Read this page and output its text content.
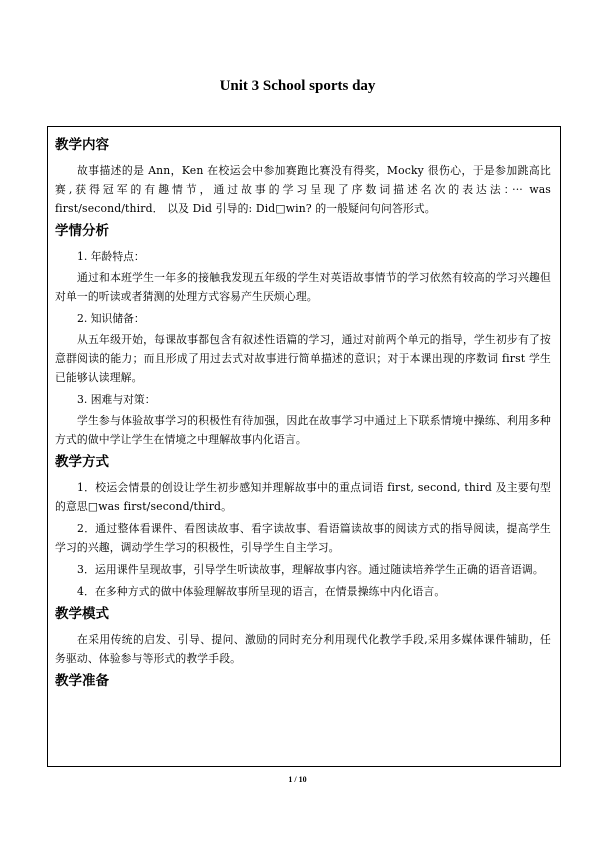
Unit 3 School sports day
教学内容
故事描述的是 Ann，Ken 在校运会中参加赛跑比赛没有得奖，Mocky 很伤心，于是参加跳高比赛,获得冠军的有趣情节，通过故事的学习呈现了序数词描述名次的表达法：··· was first/second/third． 以及 Did 引导的: Did□win? 的一般疑问句问答形式。
学情分析
1. 年龄特点：
通过和本班学生一年多的接触我发现五年级的学生对英语故事情节的学习依然有较高的学习兴趣但对单一的听读或者猜测的处理方式容易产生厌烦心理。
2. 知识储备：
从五年级开始，每课故事都包含有叙述性语篇的学习，通过对前两个单元的指导，学生初步有了按意群阅读的能力；而且形成了用过去式对故事进行简单描述的意识；对于本课出现的序数词 first 学生已能够认读理解。
3. 困难与对策：
学生参与体验故事学习的积极性有待加强，因此在故事学习中通过上下联系情境中操练、利用多种方式的做中学让学生在情境之中理解故事内化语言。
教学方式
1．校运会情景的创设让学生初步感知并理解故事中的重点词语 first, second, third 及主要句型的意思□was first/second/third。
2．通过整体看课件、看图读故事、看字读故事、看语篇读故事的阅读方式的指导阅读，提高学生学习的兴趣，调动学生学习的积极性，引导学生自主学习。
3．运用课件呈现故事，引导学生听读故事，理解故事内容。通过随读培养学生正确的语音语调。
4．在多种方式的做中体验理解故事所呈现的语言，在情景操练中内化语言。
教学模式
在采用传统的启发、引导、提问、激励的同时充分利用现代化教学手段,采用多媒体课件辅助，任务驱动、体验参与等形式的教学手段。
教学准备
1 / 10
